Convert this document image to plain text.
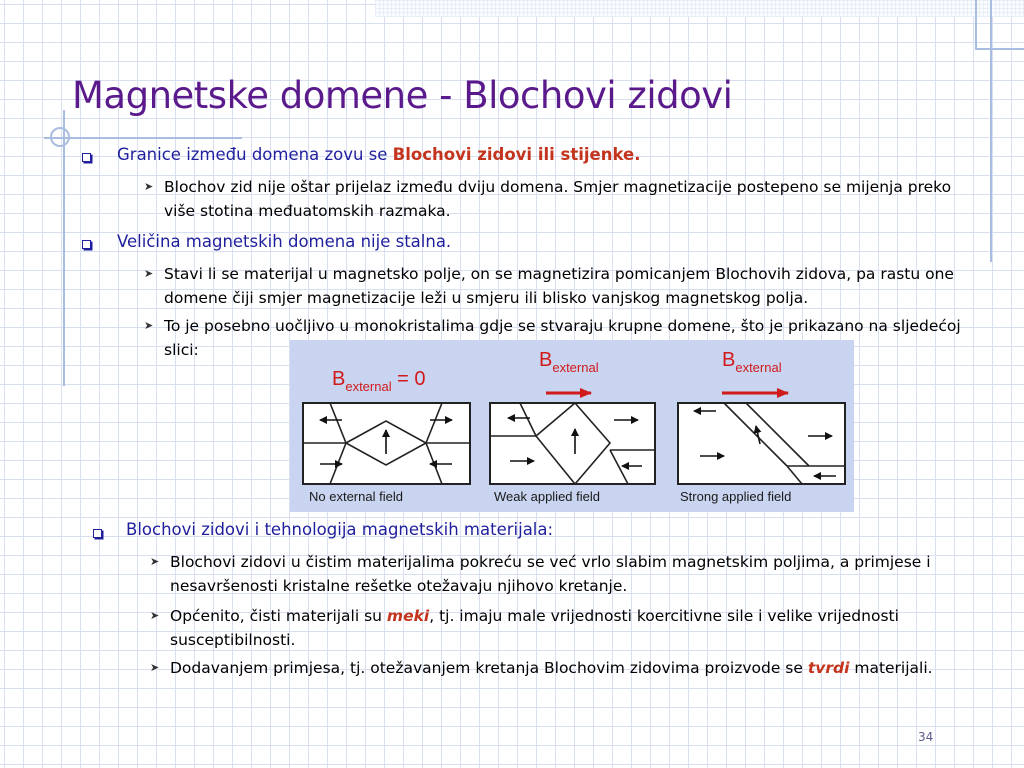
Magnetske domene - Blochovi zidovi
Granice između domena zovu se Blochovi zidovi ili stijenke.
➤ Blochov zid nije oštar prijelaz između dviju domena. Smjer magnetizacije postepeno se mijenja preko više stotina međuatomskih razmaka.
Veličina magnetskih domena nije stalna.
➤ Stavi li se materijal u magnetsko polje, on se magnetizira pomicanjem Blochovih zidova, pa rastu one domene čiji smjer magnetizacije leži u smjeru ili blisko vanjskog magnetskog polja.
➤ To je posebno uočljivo u monokristalima gdje se stvaraju krupne domene, što je prikazano na sljedećoj slici:
$B_{external} = 0$
No external field
$B_{external}$
Weak applied field
$B_{external}$
Strong applied field
Blochovi zidovi i tehnologija magnetskih materijala:
➤ Blochovi zidovi u čistim materijalima pokreću se već vrlo slabim magnetskim poljima, a primjese i nesavršenosti kristalne rešetke otežavaju njihovo kretanje.
➤ Općenito, čisti materijali su meki, tj. imaju male vrijednosti koercitivne sile i velike vrijednosti susceptibilnosti.
➤ Dodavanjem primjesa, tj. otežavanjem kretanja Blochovim zidovima proizvode se tvrdi materijali.
34
